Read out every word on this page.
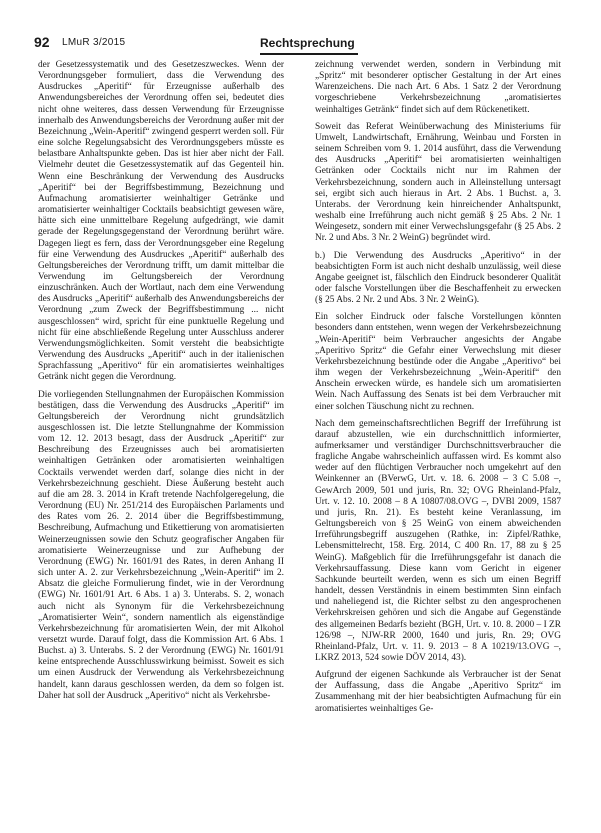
92 LMuR 3/2015	Rechtsprechung

der Gesetzessystematik und des Gesetzeszweckes. Wenn der Verordnungsgeber formuliert, dass die Verwendung des Ausdruckes „Aperitif“ für Erzeugnisse außerhalb des Anwendungsbereiches der Verordnung offen sei, bedeutet dies nicht ohne weiteres, dass dessen Verwendung für Erzeugnisse innerhalb des Anwendungsbereichs der Verordnung außer mit der Bezeichnung „Wein-Aperitif“ zwingend gesperrt werden soll. Für eine solche Regelungsabsicht des Verordnungsgebers müsste es belastbare Anhaltspunkte geben. Das ist hier aber nicht der Fall. Vielmehr deutet die Gesetzessystematik auf das Gegenteil hin. Wenn eine Beschränkung der Verwendung des Ausdrucks „Aperitif“ bei der Begriffsbestimmung, Bezeichnung und Aufmachung aromatisierter weinhaltiger Getränke und aromatisierter weinhaltiger Cocktails beabsichtigt gewesen wäre, hätte sich eine unmittelbare Regelung aufgedrängt, wie damit gerade der Regelungsgegenstand der Verordnung berührt wäre. Dagegen liegt es fern, dass der Verordnungsgeber eine Regelung für eine Verwendung des Ausdruckes „Aperitif“ außerhalb des Geltungsbereiches der Verordnung trifft, um damit mittelbar die Verwendung im Geltungsbereich der Verordnung einzuschränken. Auch der Wortlaut, nach dem eine Verwendung des Ausdrucks „Aperitif“ außerhalb des Anwendungsbereichs der Verordnung „zum Zweck der Begriffsbestimmung ... nicht ausgeschlossen“ wird, spricht für eine punktuelle Regelung und nicht für eine abschließende Regelung unter Ausschluss anderer Verwendungsmöglichkeiten. Somit versteht die beabsichtigte Verwendung des Ausdrucks „Aperitif“ auch in der italienischen Sprachfassung „Aperitivo“ für ein aromatisiertes weinhaltiges Getränk nicht gegen die Verordnung.

Die vorliegenden Stellungnahmen der Europäischen Kommission bestätigen, dass die Verwendung des Ausdrucks „Aperitif“ im Geltungsbereich der Verordnung nicht grundsätzlich ausgeschlossen ist. Die letzte Stellungnahme der Kommission vom 12. 12. 2013 besagt, dass der Ausdruck „Aperitif“ zur Beschreibung des Erzeugnisses auch bei aromatisierten weinhaltigen Getränken oder aromatisierten weinhaltigen Cocktails verwendet werden darf, solange dies nicht in der Verkehrsbezeichnung geschieht. Diese Äußerung besteht auch auf die am 28. 3. 2014 in Kraft tretende Nachfolgeregelung, die Verordnung (EU) Nr. 251/214 des Europäischen Parlaments und des Rates vom 26. 2. 2014 über die Begriffsbestimmung, Beschreibung, Aufmachung und Etikettierung von aromatisierten Weinerzeugnissen sowie den Schutz geografischer Angaben für aromatisierte Weinerzeugnisse und zur Aufhebung der Verordnung (EWG) Nr. 1601/91 des Rates, in deren Anhang II sich unter A. 2. zur Verkehrsbezeichnung „Wein-Aperitif“ im 2. Absatz die gleiche Formulierung findet, wie in der Verordnung (EWG) Nr. 1601/91 Art. 6 Abs. 1 a) 3. Unterabs. S. 2, wonach auch nicht als Synonym für die Verkehrsbezeichnung „Aromatisierter Wein“, sondern namentlich als eigenständige Verkehrsbezeichnung für aromatisierten Wein, der mit Alkohol versetzt wurde. Darauf folgt, dass die Kommission Art. 6 Abs. 1 Buchst. a) 3. Unterabs. S. 2 der Verordnung (EWG) Nr. 1601/91 keine entsprechende Ausschlusswirkung beimisst. Soweit es sich um einen Ausdruck der Verwendung als Verkehrsbezeichnung handelt, kann daraus geschlossen werden, da dem so folgen ist. Daher hat soll der Ausdruck „Aperitivo“ nicht als Verkehrsbe-

zeichnung verwendet werden, sondern in Verbindung mit „Spritz“ mit besonderer optischer Gestaltung in der Art eines Warenzeichens. Die nach Art. 6 Abs. 1 Satz 2 der Verordnung vorgeschriebene Verkehrsbezeichnung „aromatisiertes weinhaltiges Getränk“ findet sich auf dem Rückenetikett.

Soweit das Referat Weinüberwachung des Ministeriums für Umwelt, Landwirtschaft, Ernährung, Weinbau und Forsten in seinem Schreiben vom 9. 1. 2014 ausführt, dass die Verwendung des Ausdrucks „Aperitif“ bei aromatisierten weinhaltigen Getränken oder Cocktails nicht nur im Rahmen der Verkehrsbezeichnung, sondern auch in Alleinstellung untersagt sei, ergibt sich auch hieraus in Art. 2 Abs. 1 Buchst. a, 3. Unterabs. der Verordnung kein hinreichender Anhaltspunkt, weshalb eine Irreführung auch nicht gemäß § 25 Abs. 2 Nr. 1 Weingesetz, sondern mit einer Verwechslungsgefahr (§ 25 Abs. 2 Nr. 2 und Abs. 3 Nr. 2 WeinG) begründet wird.

b.) Die Verwendung des Ausdrucks „Aperitivo“ in der beabsichtigten Form ist auch nicht deshalb unzulässig, weil diese Angabe geeignet ist, fälschlich den Eindruck besonderer Qualität oder falsche Vorstellungen über die Beschaffenheit zu erwecken (§ 25 Abs. 2 Nr. 2 und Abs. 3 Nr. 2 WeinG).

Ein solcher Eindruck oder falsche Vorstellungen könnten besonders dann entstehen, wenn wegen der Verkehrsbezeichnung „Wein-Aperitif“ beim Verbraucher angesichts der Angabe „Aperitivo Spritz“ die Gefahr einer Verwechslung mit dieser Verkehrsbezeichnung bestünde oder die Angabe „Aperitivo“ bei ihm wegen der Verkehrsbezeichnung „Wein-Aperitif“ den Anschein erwecken würde, es handele sich um aromatisierten Wein. Nach Auffassung des Senats ist bei dem Verbraucher mit einer solchen Täuschung nicht zu rechnen.

Nach dem gemeinschaftsrechtlichen Begriff der Irreführung ist darauf abzustellen, wie ein durchschnittlich informierter, aufmerksamer und verständiger Durchschnittsverbraucher die fragliche Angabe wahrscheinlich auffassen wird. Es kommt also weder auf den flüchtigen Verbraucher noch umgekehrt auf den Weinkenner an (BVerwG, Urt. v. 18. 6. 2008 – 3 C 5.08 –, GewArch 2009, 501 und juris, Rn. 32; OVG Rheinland-Pfalz, Urt. v. 12. 10. 2008 – 8 A 10807/08.OVG –, DVBl 2009, 1587 und juris, Rn. 21). Es besteht keine Veranlassung, im Geltungsbereich von § 25 WeinG von einem abweichenden Irreführungsbegriff auszugehen (Rathke, in: Zipfel/Rathke, Lebensmittelrecht, 158. Erg. 2014, C 400 Rn. 17, 88 zu § 25 WeinG). Maßgeblich für die Irreführungsgefahr ist danach die Verkehrsauffassung. Diese kann vom Gericht in eigener Sachkunde beurteilt werden, wenn es sich um einen Begriff handelt, dessen Verständnis in einem bestimmten Sinn einfach und naheliegend ist, die Richter selbst zu den angesprochenen Verkehrskreisen gehören und sich die Angabe auf Gegenstände des allgemeinen Bedarfs bezieht (BGH, Urt. v. 10. 8. 2000 – I ZR 126/98 –, NJW-RR 2000, 1640 und juris, Rn. 29; OVG Rheinland-Pfalz, Urt. v. 11. 9. 2013 – 8 A 10219/13.OVG –, LKRZ 2013, 524 sowie DÖV 2014, 43).

Aufgrund der eigenen Sachkunde als Verbraucher ist der Senat der Auffassung, dass die Angabe „Aperitivo Spritz“ im Zusammenhang mit der hier beabsichtigten Aufmachung für ein aromatisiertes weinhaltiges Ge-
